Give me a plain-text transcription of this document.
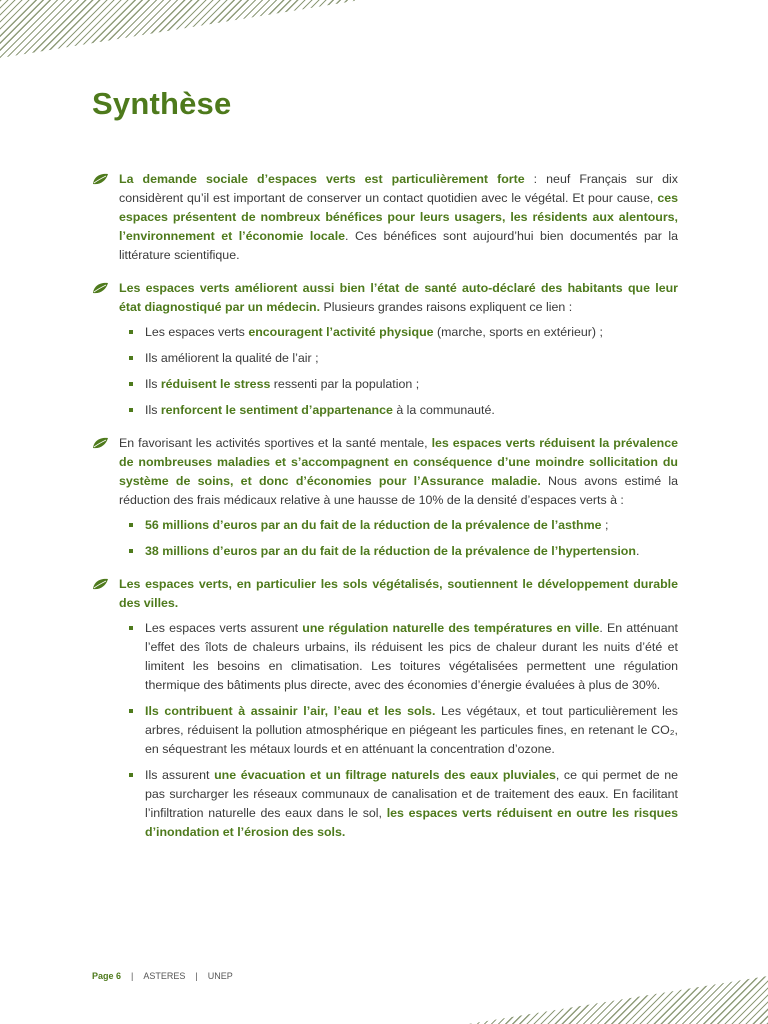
Synthèse

La demande sociale d’espaces verts est particulièrement forte : neuf Français sur dix considèrent qu’il est important de conserver un contact quotidien avec le végétal. Et pour cause, ces espaces présentent de nombreux bénéfices pour leurs usagers, les résidents aux alentours, l’environnement et l’économie locale. Ces bénéfices sont aujourd’hui bien documentés par la littérature scientifique.

Les espaces verts améliorent aussi bien l’état de santé auto-déclaré des habitants que leur état diagnostiqué par un médecin. Plusieurs grandes raisons expliquent ce lien :

Les espaces verts encouragent l’activité physique (marche, sports en extérieur) ;
Ils améliorent la qualité de l’air ;
Ils réduisent le stress ressenti par la population ;
Ils renforcent le sentiment d’appartenance à la communauté.

En favorisant les activités sportives et la santé mentale, les espaces verts réduisent la prévalence de nombreuses maladies et s’accompagnent en conséquence d’une moindre sollicitation du système de soins, et donc d’économies pour l’Assurance maladie. Nous avons estimé la réduction des frais médicaux relative à une hausse de 10% de la densité d’espaces verts à :

56 millions d’euros par an du fait de la réduction de la prévalence de l’asthme ;
38 millions d’euros par an du fait de la réduction de la prévalence de l’hypertension.

Les espaces verts, en particulier les sols végétalisés, soutiennent le développement durable des villes.

Les espaces verts assurent une régulation naturelle des températures en ville. En atténuant l’effet des îlots de chaleurs urbains, ils réduisent les pics de chaleur durant les nuits d’été et limitent les besoins en climatisation. Les toitures végétalisées permettent une régulation thermique des bâtiments plus directe, avec des économies d’énergie évaluées à plus de 30%.
Ils contribuent à assainir l’air, l’eau et les sols. Les végétaux, et tout particulièrement les arbres, réduisent la pollution atmosphérique en piégeant les particules fines, en retenant le CO₂, en séquestrant les métaux lourds et en atténuant la concentration d’ozone.
Ils assurent une évacuation et un filtrage naturels des eaux pluviales, ce qui permet de ne pas surcharger les réseaux communaux de canalisation et de traitement des eaux. En facilitant l’infiltration naturelle des eaux dans le sol, les espaces verts réduisent en outre les risques d’inondation et l’érosion des sols.
Page 6 | ASTERES | UNEP
